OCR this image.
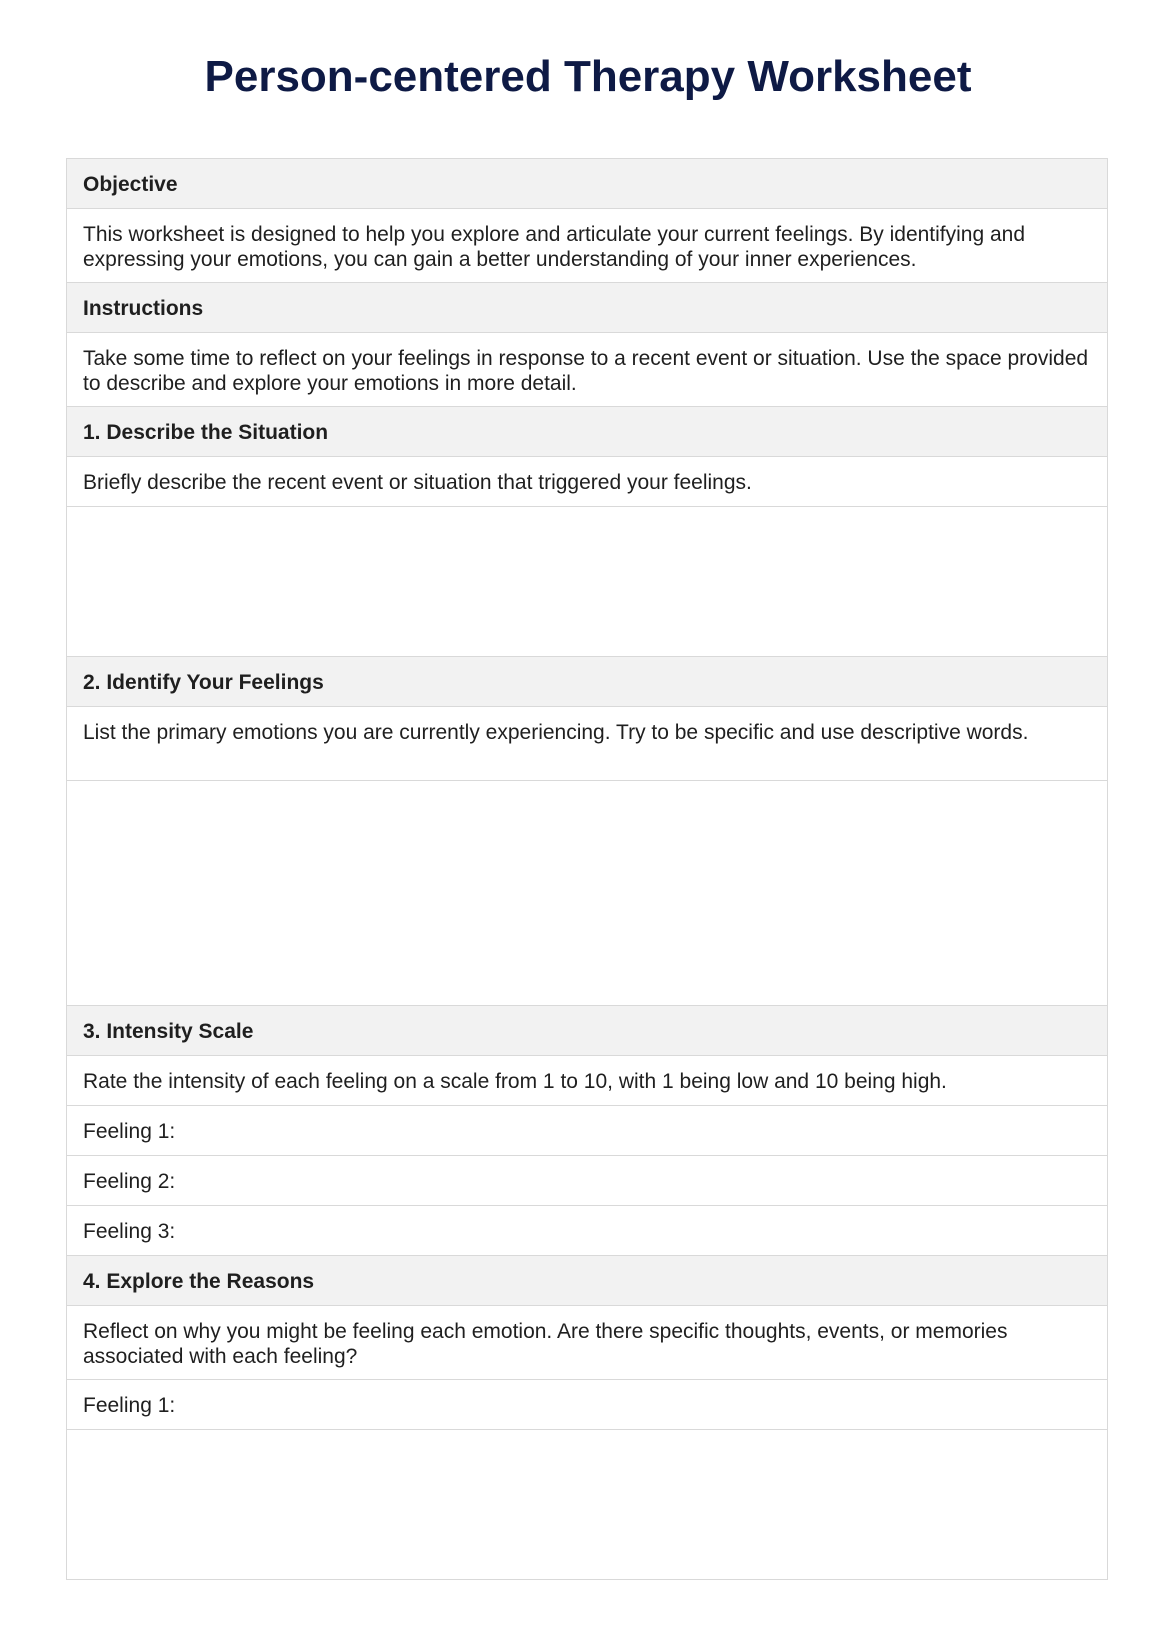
Person-centered Therapy Worksheet
Objective
This worksheet is designed to help you explore and articulate your current feelings. By identifying and expressing your emotions, you can gain a better understanding of your inner experiences.
Instructions
Take some time to reflect on your feelings in response to a recent event or situation. Use the space provided to describe and explore your emotions in more detail.
1. Describe the Situation
Briefly describe the recent event or situation that triggered your feelings.
2. Identify Your Feelings
List the primary emotions you are currently experiencing. Try to be specific and use descriptive words.
3. Intensity Scale
Rate the intensity of each feeling on a scale from 1 to 10, with 1 being low and 10 being high.
Feeling 1:
Feeling 2:
Feeling 3:
4. Explore the Reasons
Reflect on why you might be feeling each emotion. Are there specific thoughts, events, or memories associated with each feeling?
Feeling 1:
